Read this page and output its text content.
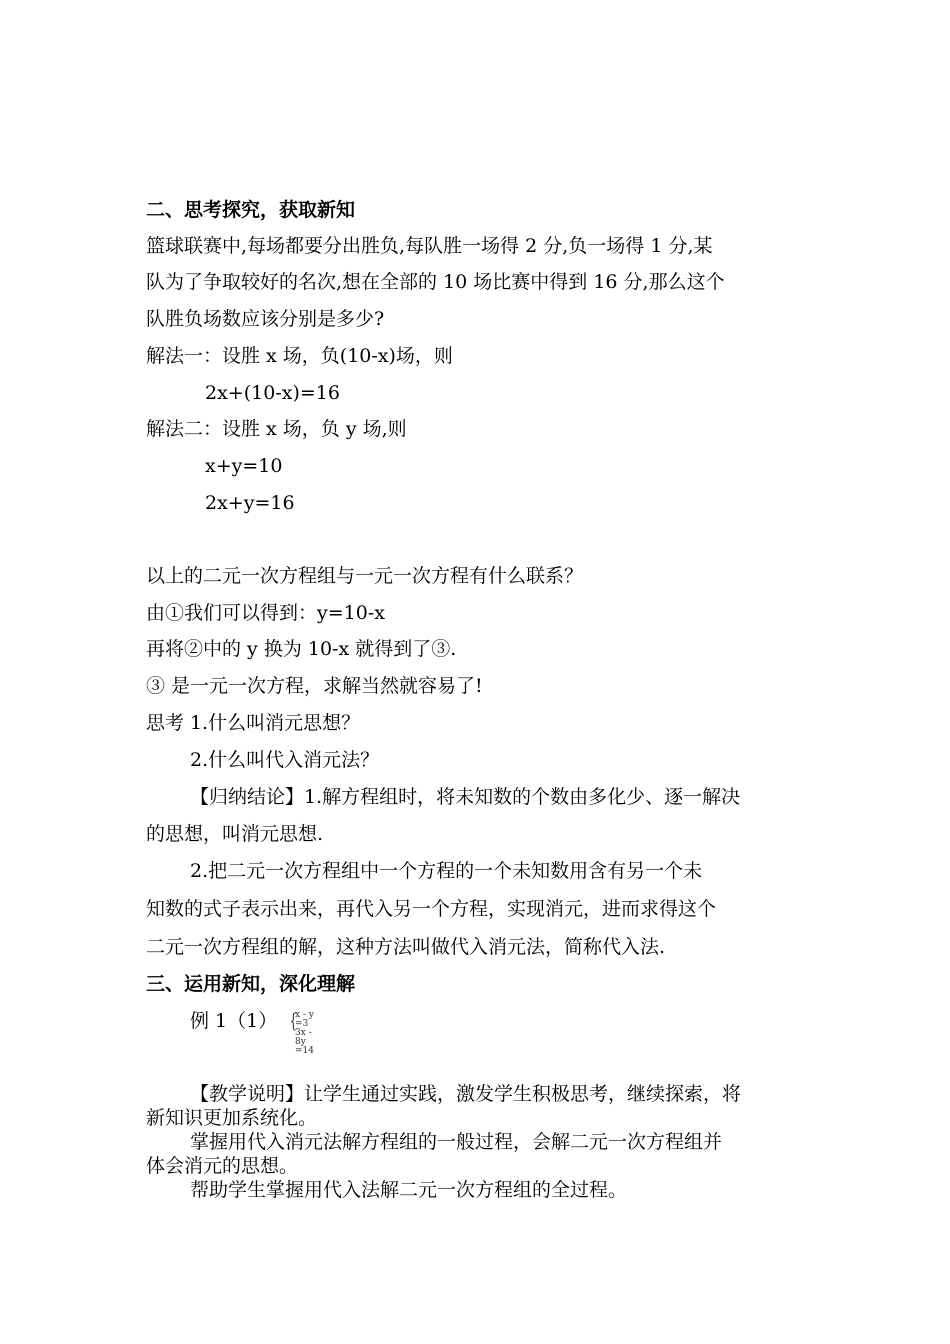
二、思考探究，获取新知
篮球联赛中,每场都要分出胜负,每队胜一场得 2 分,负一场得 1 分,某
队为了争取较好的名次,想在全部的 10 场比赛中得到 16 分,那么这个
队胜负场数应该分别是多少?
解法一：设胜 x 场，负(10-x)场，则
2x+(10-x)=16
解法二：设胜 x 场，负 y 场,则
x+y=10
2x+y=16
以上的二元一次方程组与一元一次方程有什么联系？
由①我们可以得到：y=10-x
再将②中的 y 换为 10-x 就得到了③.
③ 是一元一次方程，求解当然就容易了!
思考 1.什么叫消元思想？
2.什么叫代入消元法？
【归纳结论】1.解方程组时，将未知数的个数由多化少、逐一解决
的思想，叫消元思想.
2.把二元一次方程组中一个方程的一个未知数用含有另一个未
知数的式子表示出来，再代入另一个方程，实现消元，进而求得这个
二元一次方程组的解，这种方法叫做代入消元法，简称代入法.
三、运用新知，深化理解
例 1（1） {
x - y =3
3x - 8y =14
【教学说明】让学生通过实践，激发学生积极思考，继续探索，将
新知识更加系统化。
掌握用代入消元法解方程组的一般过程，会解二元一次方程组并
体会消元的思想。
帮助学生掌握用代入法解二元一次方程组的全过程。
